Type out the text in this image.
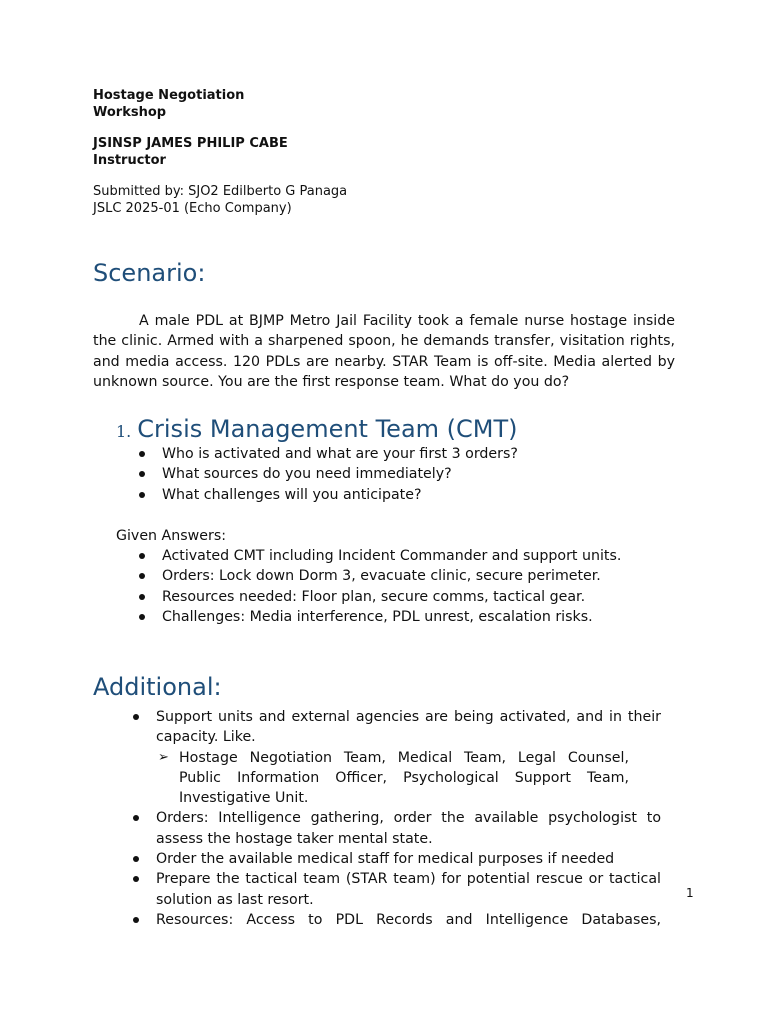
Hostage Negotiation
Workshop
JSINSP JAMES PHILIP CABE
Instructor
Submitted by: SJO2 Edilberto G Panaga
JSLC 2025-01 (Echo Company)
Scenario:

A male PDL at BJMP Metro Jail Facility took a female nurse hostage inside the clinic. Armed with a sharpened spoon, he demands transfer, visitation rights, and media access. 120 PDLs are nearby. STAR Team is off-site. Media alerted by unknown source. You are the first response team. What do you do?

1. Crisis Management Team (CMT)
Who is activated and what are your first 3 orders?
What sources do you need immediately?
What challenges will you anticipate?
Given Answers:
Activated CMT including Incident Commander and support units.
Orders: Lock down Dorm 3, evacuate clinic, secure perimeter.
Resources needed: Floor plan, secure comms, tactical gear.
Challenges: Media interference, PDL unrest, escalation risks.
Additional:
Support units and external agencies are being activated, and in their capacity. Like.
➢ Hostage Negotiation Team, Medical Team, Legal Counsel, Public Information Officer, Psychological Support Team, Investigative Unit.
Orders: Intelligence gathering, order the available psychologist to assess the hostage taker mental state.
Order the available medical staff for medical purposes if needed
Prepare the tactical team (STAR team) for potential rescue or tactical solution as last resort.
Resources: Access to PDL Records and Intelligence Databases,
1
